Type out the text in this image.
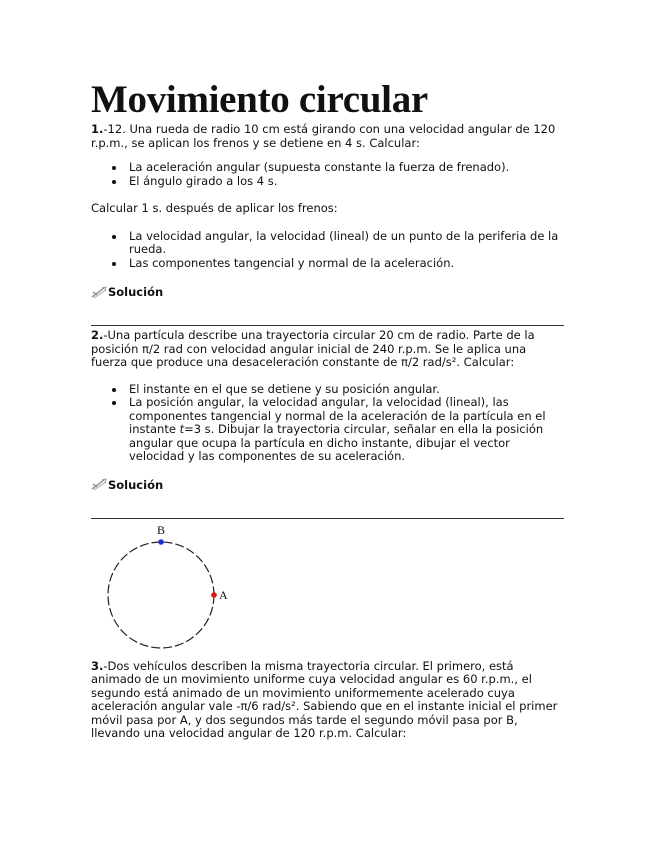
Movimiento circular

1.-12. Una rueda de radio 10 cm está girando con una velocidad angular de 120 r.p.m., se aplican los frenos y se detiene en 4 s. Calcular:

La aceleración angular (supuesta constante la fuerza de frenado).
El ángulo girado a los 4 s.

Calcular 1 s. después de aplicar los frenos:

La velocidad angular, la velocidad (lineal) de un punto de la periferia de la rueda.
Las componentes tangencial y normal de la aceleración.
Solución

2.-Una partícula describe una trayectoria circular 20 cm de radio. Parte de la posición π/2 rad con velocidad angular inicial de 240 r.p.m. Se le aplica una fuerza que produce una desaceleración constante de π/2 rad/s². Calcular:

El instante en el que se detiene y su posición angular.
La posición angular, la velocidad angular, la velocidad (lineal), las componentes tangencial y normal de la aceleración de la partícula en el instante t=3 s. Dibujar la trayectoria circular, señalar en ella la posición angular que ocupa la partícula en dicho instante, dibujar el vector velocidad y las componentes de su aceleración.
Solución
B
A

3.-Dos vehículos describen la misma trayectoria circular. El primero, está animado de un movimiento uniforme cuya velocidad angular es 60 r.p.m., el segundo está animado de un movimiento uniformemente acelerado cuya aceleración angular vale -π/6 rad/s². Sabiendo que en el instante inicial el primer móvil pasa por A, y dos segundos más tarde el segundo móvil pasa por B, llevando una velocidad angular de 120 r.p.m. Calcular:
